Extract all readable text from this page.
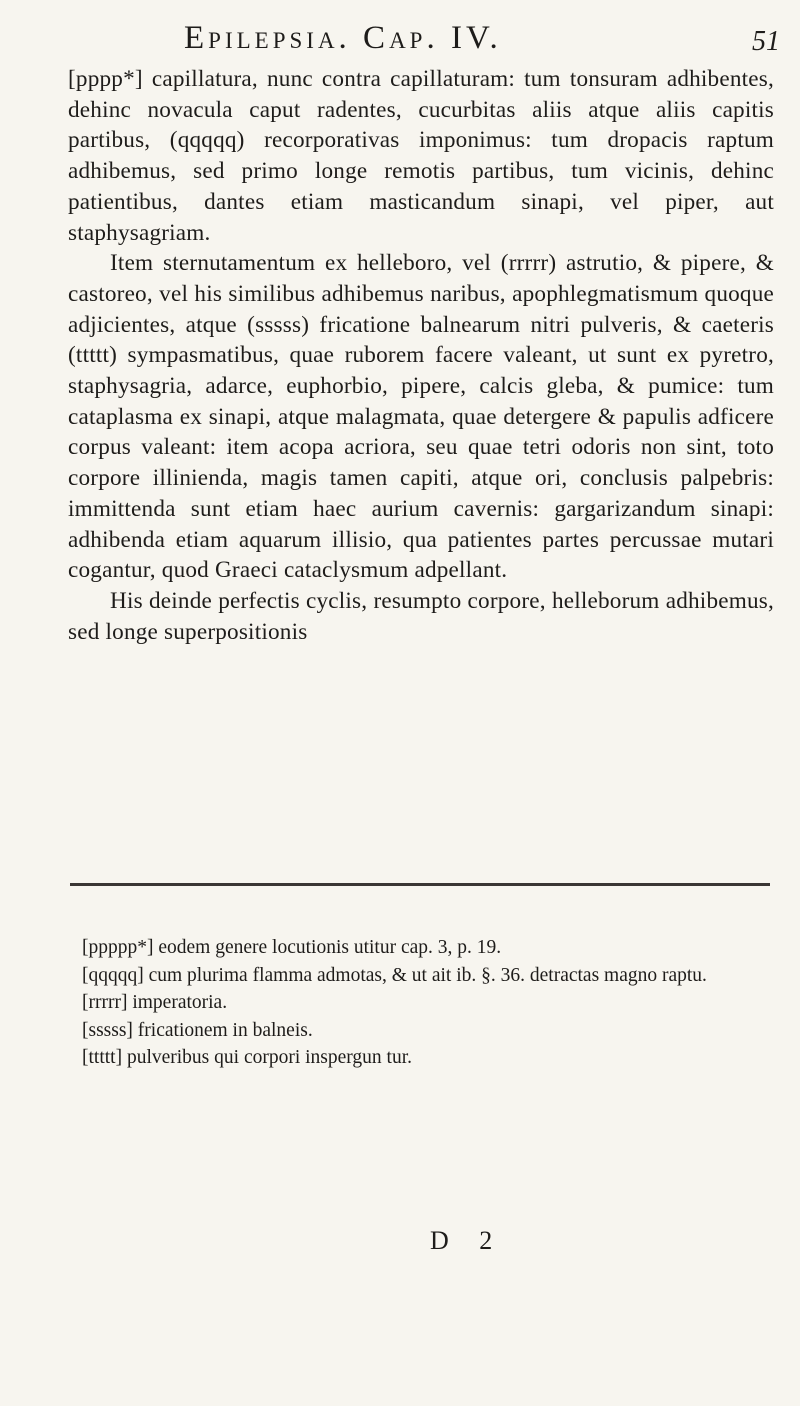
Epilepsia. Cap. IV.	51

[pppp*] capillatura, nunc contra capillaturam: tum tonsuram adhibentes, dehinc novacula caput radentes, cucurbitas aliis atque aliis capitis partibus, (qqqqq) recorporativas imponimus: tum dropacis raptum adhibemus, sed primo longe remotis partibus, tum vicinis, dehinc patientibus, dantes etiam masticandum sinapi, vel piper, aut staphysagriam.

Item sternutamentum ex helleboro, vel (rrrrr) astrutio, & pipere, & castoreo, vel his similibus adhibemus naribus, apophlegmatismum quoque adjicientes, atque (sssss) fricatione balnearum nitri pulveris, & caeteris (ttttt) sympasmatibus, quae ruborem facere valeant, ut sunt ex pyretro, staphysagria, adarce, euphorbio, pipere, calcis gleba, & pumice: tum cataplasma ex sinapi, atque malagmata, quae detergere & papulis adficere corpus valeant: item acopa acriora, seu quae tetri odoris non sint, toto corpore illinienda, magis tamen capiti, atque ori, conclusis palpebris: immittenda sunt etiam haec aurium cavernis: gargarizandum sinapi: adhibenda etiam aquarum illisio, qua patientes partes percussae mutari cogantur, quod Graeci cataclysmum adpellant.

His deinde perfectis cyclis, resumpto corpore, helleborum adhibemus, sed longe superpositionis

[ppppp*] eodem genere locutionis utitur cap. 3, p. 19.

[qqqqq] cum plurima flamma admotas, & ut ait ib. §. 36. detractas magno raptu.

[rrrrr] imperatoria.

[sssss] fricationem in balneis.

[ttttt] pulveribus qui corpori inspergun tur.

D 2
